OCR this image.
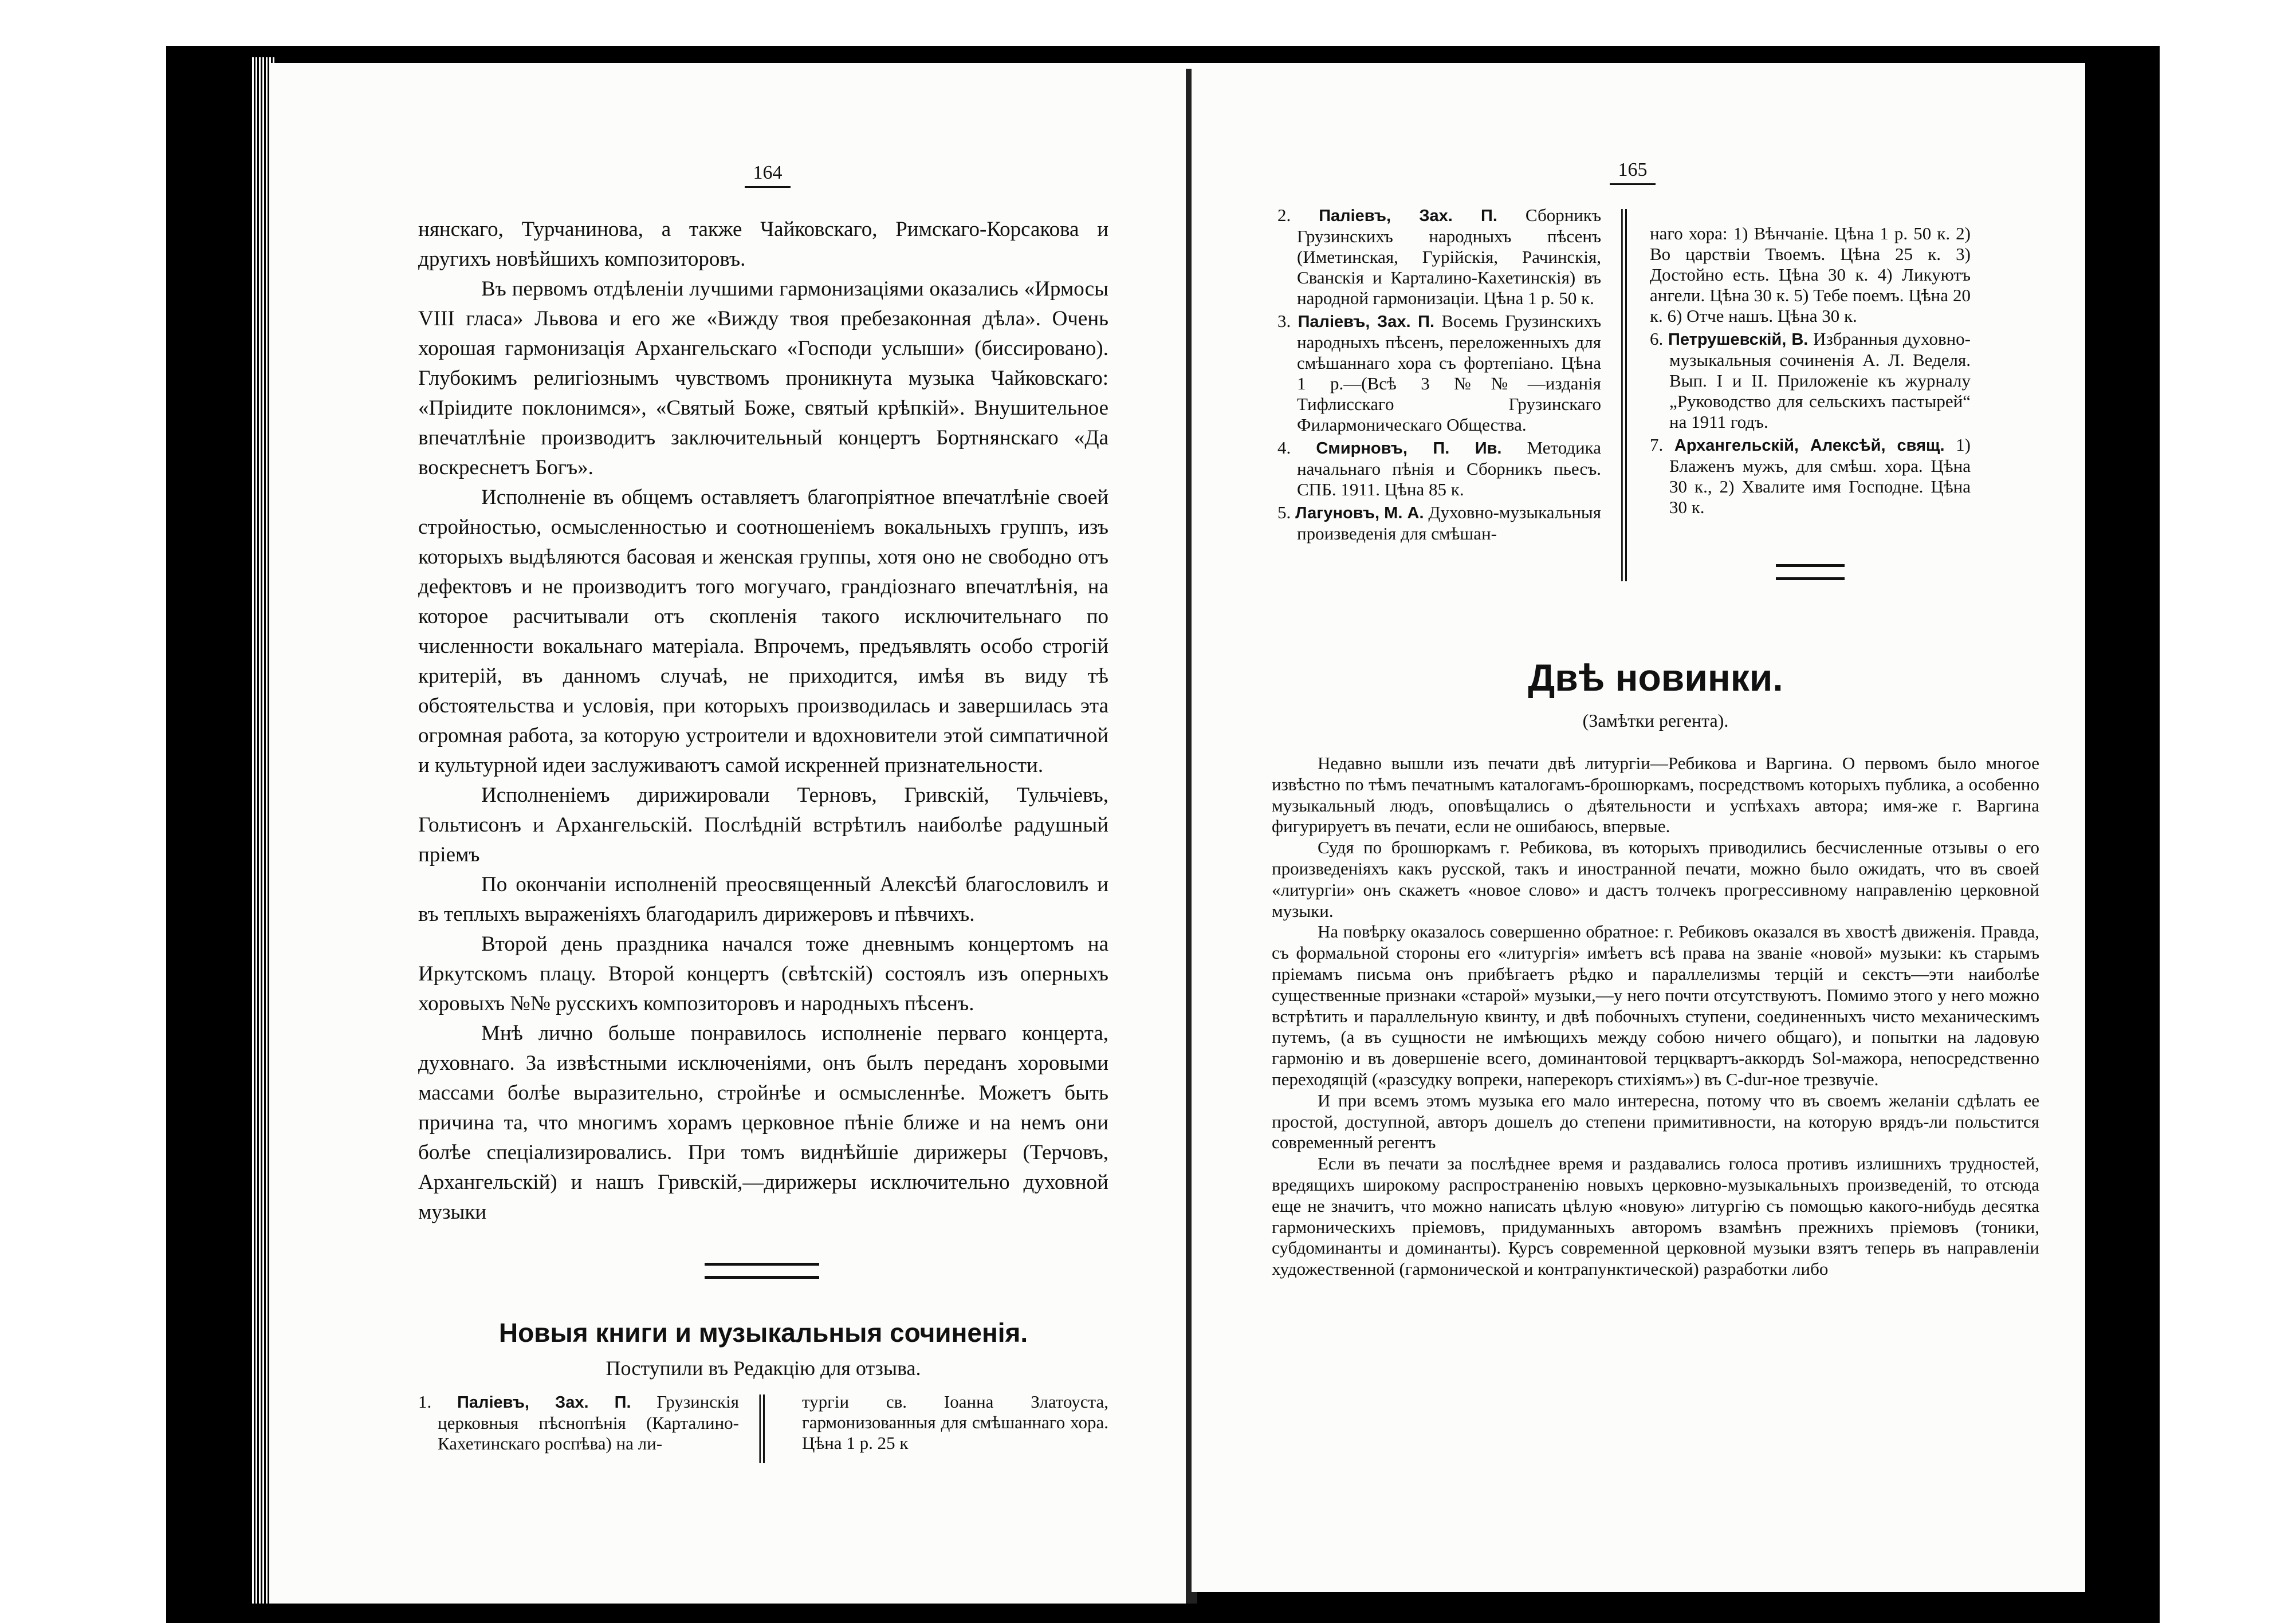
164

нянскаго, Турчанинова, а также Чайковскаго, Римскаго-Корсакова и другихъ новѣйшихъ композиторовъ.

Въ первомъ отдѣленіи лучшими гармонизаціями оказались «Ирмосы VIII гласа» Львова и его же «Вижду твоя пребезаконная дѣла». Очень хорошая гармонизація Архангельскаго «Господи услыши» (бисcировано). Глубокимъ религіознымъ чувствомъ проникнута музыка Чайковскаго: «Пріидите поклонимся», «Святый Боже, святый крѣпкій». Внушительное впечатлѣніе производитъ заключительный концертъ Бортнянскаго «Да воскреснетъ Богъ».

Исполненіе въ общемъ оставляетъ благопріятное впечатлѣніе своей стройностью, осмысленностью и соотношеніемъ вокальныхъ группъ, изъ которыхъ выдѣляются басовая и женская группы, хотя оно не свободно отъ дефектовъ и не производитъ того могучаго, грандіознаго впечатлѣнія, на которое расчитывали отъ скопленія такого исключительнаго по численности вокальнаго матеріала. Впрочемъ, предъявлять особо строгій критерій, въ данномъ случаѣ, не приходится, имѣя въ виду тѣ обстоятельства и условія, при которыхъ производилась и завершилась эта огромная работа, за которую устроители и вдохновители этой симпатичной и культурной идеи заслуживаютъ самой искренней признательности.

Исполненіемъ дирижировали Терновъ, Гривскій, Тульчіевъ, Гольтисонъ и Архангельскій. Послѣдній встрѣтилъ наиболѣе радушный пріемъ

По окончаніи исполненій преосвященный Алексѣй благословилъ и въ теплыхъ выраженіяхъ благодарилъ дирижеровъ и пѣвчихъ.

Второй день праздника начался тоже дневнымъ концертомъ на Иркутскомъ плацу. Второй концертъ (свѣтскій) состоялъ изъ оперныхъ хоровыхъ №№ русскихъ композиторовъ и народныхъ пѣсенъ.

Мнѣ лично больше понравилось исполненіе перваго концерта, духовнаго. За извѣстными исключеніями, онъ былъ переданъ хоровыми массами болѣе выразительно, стройнѣе и осмысленнѣе. Можетъ быть причина та, что многимъ хорамъ церковное пѣніе ближе и на немъ они болѣе спеціализировались. При томъ виднѣйшіе дирижеры (Терчовъ, Архангельскій) и нашъ Гривскій,—дирижеры исключительно духовной музыки

Новыя книги и музыкальныя сочиненія.
Поступили въ Редакцію для отзыва.
1. Паліевъ, Зах. П. Грузинскія церковныя пѣснопѣнія (Карталино-Кахетинскаго роспѣва) на ли-
тургіи св. Іоанна Златоуста, гармонизованныя для смѣшаннаго хора. Цѣна 1 р. 25 к
165
2. Паліевъ, Зах. П. Сборникъ Грузинскихъ народныхъ пѣсенъ (Иметинская, Гурійскія, Рачинскія, Сванскія и Карталино-Кахетинскія) въ народной гармонизаціи. Цѣна 1 р. 50 к.
3. Паліевъ, Зах. П. Восемь Грузинскихъ народныхъ пѣсенъ, переложенныхъ для смѣшаннаго хора съ фортепіано. Цѣна 1 р.—(Всѣ 3 №№—изданія Тифлисскаго Грузинскаго Филармоническаго Общества.
4. Смирновъ, П. Ив. Методика начальнаго пѣнія и Сборникъ пьесъ. СПБ. 1911. Цѣна 85 к.
5. Лагуновъ, М. А. Духовно-музыкальныя произведенія для смѣшан-
наго хора: 1) Вѣнчаніе. Цѣна 1 р. 50 к. 2) Во царствіи Твоемъ. Цѣна 25 к. 3) Достойно есть. Цѣна 30 к. 4) Ликуютъ ангели. Цѣна 30 к. 5) Тебе поемъ. Цѣна 20 к. 6) Отче нашъ. Цѣна 30 к.
6. Петрушевскій, В. Избранныя духовно-музыкальныя сочиненія А. Л. Веделя. Вып. I и II. Приложеніе къ журналу „Руководство для сельскихъ пастырей“ на 1911 годъ.
7. Архангельскій, Алексѣй, свящ. 1) Блаженъ мужъ, для смѣш. хора. Цѣна 30 к., 2) Хвалите имя Господне. Цѣна 30 к.
Двѣ новинки.
(Замѣтки регента).

Недавно вышли изъ печати двѣ литургіи—Ребикова и Варгина. О первомъ было многое извѣстно по тѣмъ печатнымъ каталогамъ-брошюркамъ, посредствомъ которыхъ публика, а особенно музыкальный людъ, оповѣщались о дѣятельности и успѣхахъ автора; имя-же г. Варгина фигурируетъ въ печати, если не ошибаюсь, впервые.

Судя по брошюркамъ г. Ребикова, въ которыхъ приводились бесчисленные отзывы о его произведеніяхъ какъ русской, такъ и иностранной печати, можно было ожидать, что въ своей «литургіи» онъ скажетъ «новое слово» и дастъ толчекъ прогрессивному направленію церковной музыки.

На повѣрку оказалось совершенно обратное: г. Ребиковъ оказался въ хвостѣ движенія. Правда, съ формальной стороны его «литургія» имѣетъ всѣ права на званіе «новой» музыки: къ старымъ пріемамъ письма онъ прибѣгаетъ рѣдко и параллелизмы терцій и секстъ—эти наиболѣе существенные признаки «старой» музыки,—у него почти отсутствуютъ. Помимо этого у него можно встрѣтить и параллельную квинту, и двѣ побочныхъ ступени, соединенныхъ чисто механическимъ путемъ, (а въ сущности не имѣющихъ между собою ничего общаго), и попытки на ладовую гармонію и въ довершеніе всего, доминантовой терцквартъ-аккордъ Sol-мажора, непосредственно переходящій («разсудку вопреки, наперекоръ стихіямъ») въ C-dur-ное трезвучіе.

И при всемъ этомъ музыка его мало интересна, потому что въ своемъ желаніи сдѣлать ее простой, доступной, авторъ дошелъ до степени примитивности, на которую врядъ-ли польстится современный регентъ

Если въ печати за послѣднее время и раздавались голоса противъ излишнихъ трудностей, вредящихъ широкому распространенію новыхъ церковно-музыкальныхъ произведеній, то отсюда еще не значитъ, что можно написать цѣлую «новую» литургію съ помощью какого-нибудь десятка гармоническихъ пріемовъ, придуманныхъ авторомъ взамѣнъ прежнихъ пріемовъ (тоники, субдоминанты и доминанты). Курсъ современной церковной музыки взятъ теперь въ направленіи художественной (гармонической и контрапунктической) разработки либо
